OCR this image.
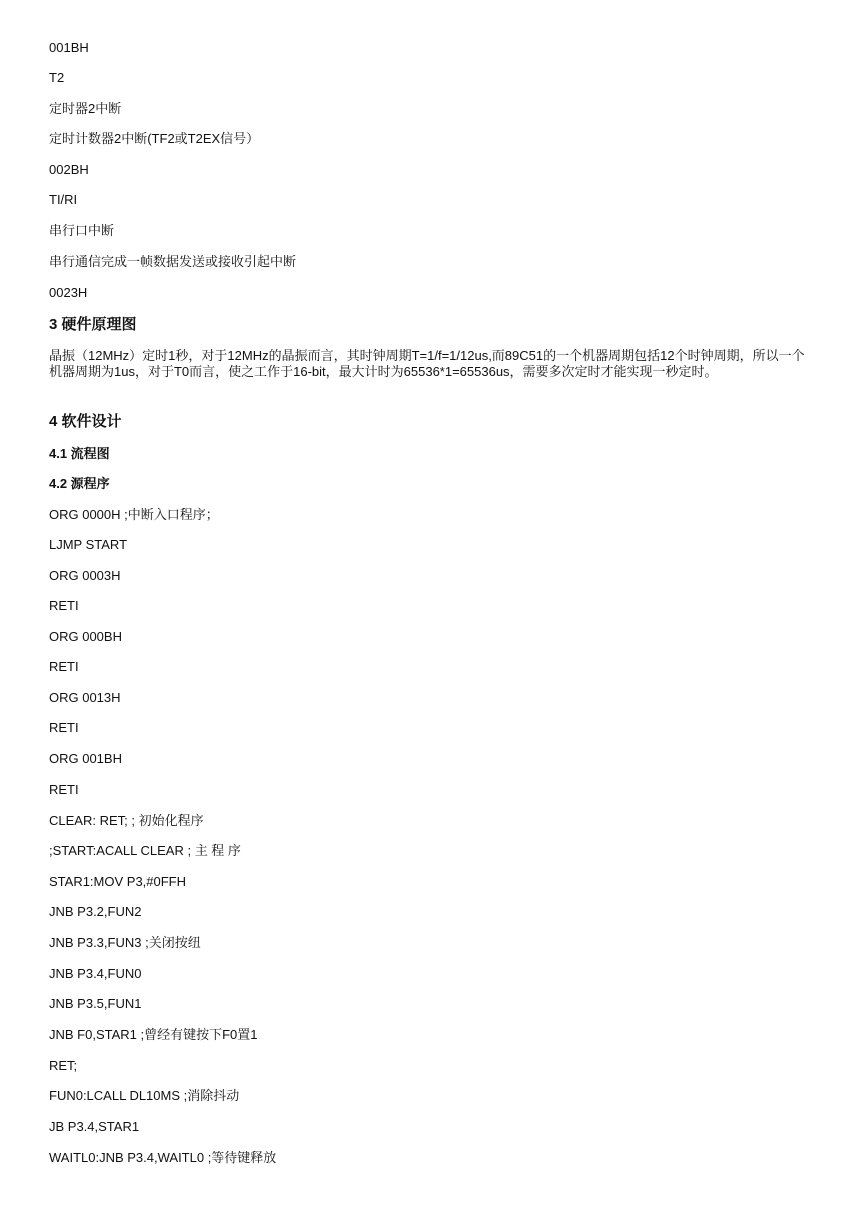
001BH

T2

定时器2中断

定时计数器2中断(TF2或T2EX信号）

002BH

TI/RI

串行口中断

串行通信完成一帧数据发送或接收引起中断

0023H

3 硬件原理图

晶振（12MHz）定时1秒，对于12MHz的晶振而言，其时钟周期T=1/f=1/12us,而89C51的一个机器周期包括12个时钟周期，所以一个机器周期为1us，对于T0而言，使之工作于16-bit，最大计时为65536*1=65536us，需要多次定时才能实现一秒定时。

4 软件设计

4.1 流程图

4.2 源程序

ORG 0000H ;中断入口程序；

LJMP START

ORG 0003H

RETI

ORG 000BH

RETI

ORG 0013H

RETI

ORG 001BH

RETI

CLEAR: RET; ; 初始化程序

;START:ACALL CLEAR ; 主 程 序

STAR1:MOV P3,#0FFH

JNB P3.2,FUN2

JNB P3.3,FUN3 ;关闭按纽

JNB P3.4,FUN0

JNB P3.5,FUN1

JNB F0,STAR1 ;曾经有键按下F0置1

RET;

FUN0:LCALL DL10MS ;消除抖动

JB P3.4,STAR1

WAITL0:JNB P3.4,WAITL0 ;等待键释放
